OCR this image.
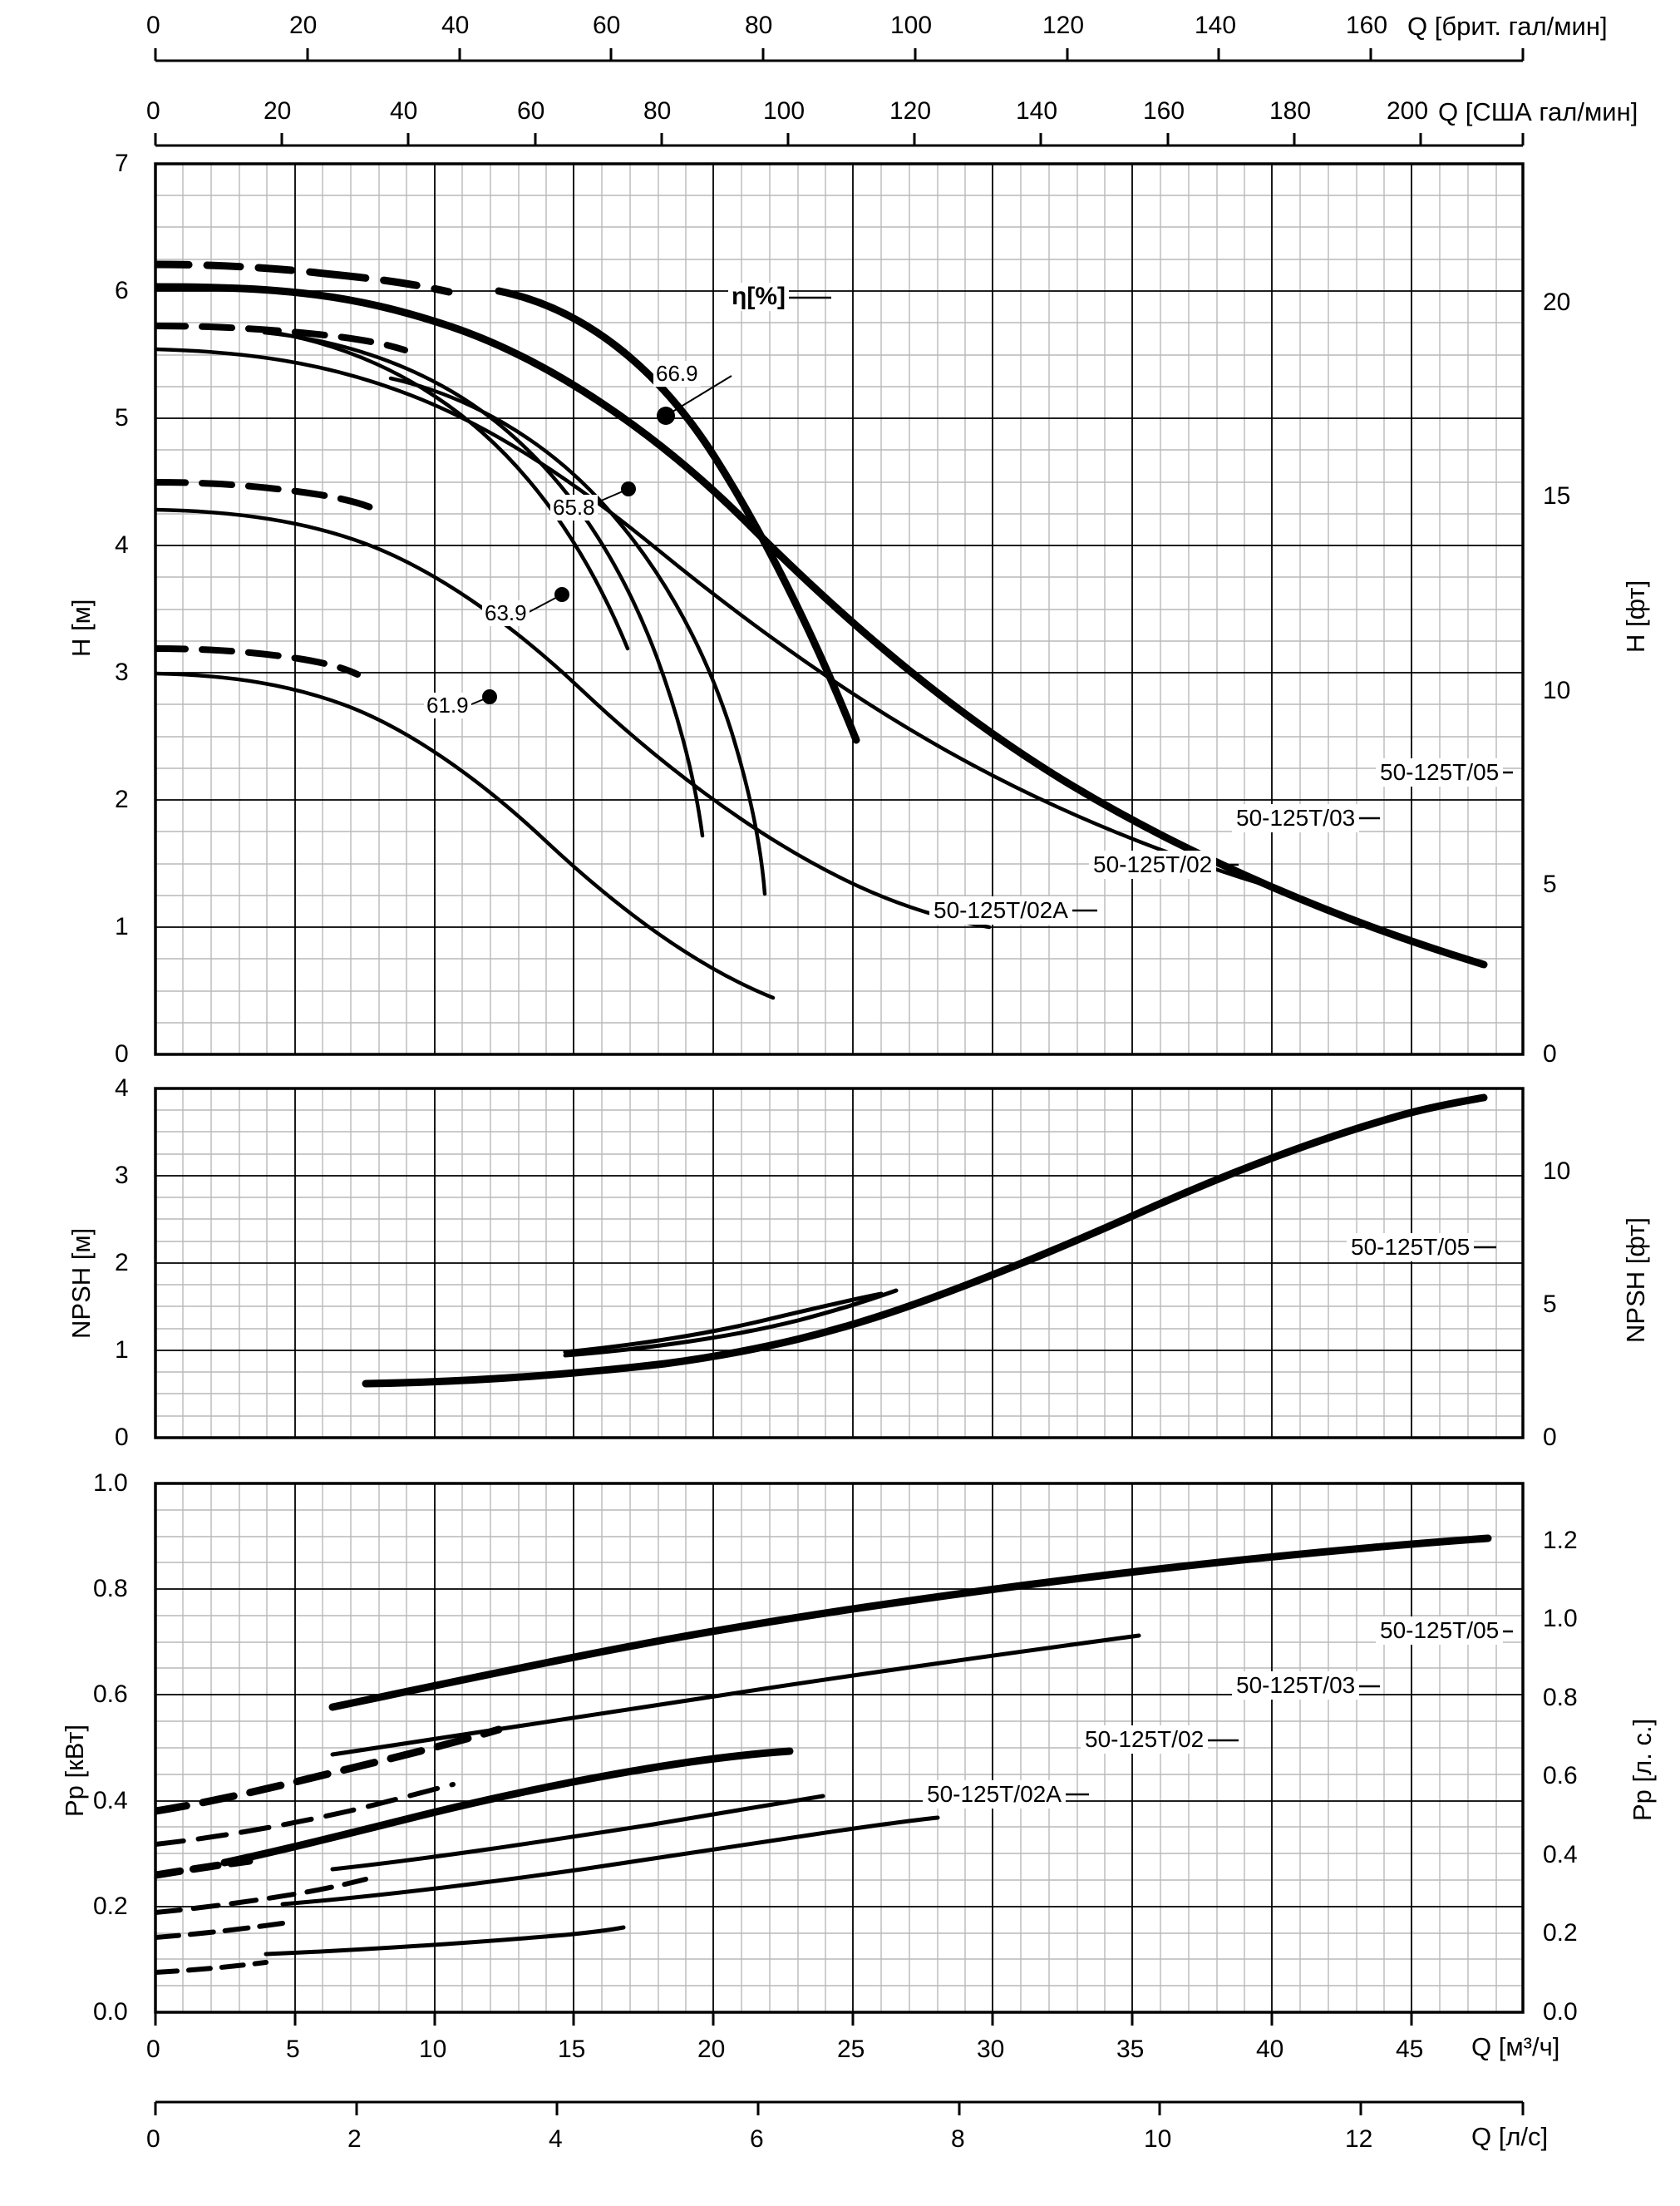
0	20	40	60	80	100	120	140	160 Q [брит. гал/мин]
0	20	40	60	80	100	120	140	160	180	200 Q [США гал/мин]
7
6
5
4
3
2
1
0
20
15
10
5
0
H [м]	H [фт]
η[%]
66.9
65.8
63.9
61.9
50-125T/05
50-125T/03
50-125T/02
50-125T/02A
4
3
2
1
0
10
5
0
NPSH [м]	NPSH [фт]
50-125T/05
1.0
0.8
0.6
0.4
0.2
0.0
1.2
1.0
0.8
0.6
0.4
0.2
0.0
Pp [кВт]	Pp [л. с.]
50-125T/05
50-125T/03
50-125T/02
50-125T/02A
0	5	10	15	20	25	30	35	40	45 Q [м³/ч]
0	2	4	6	8	10	12	Q [л/с]
